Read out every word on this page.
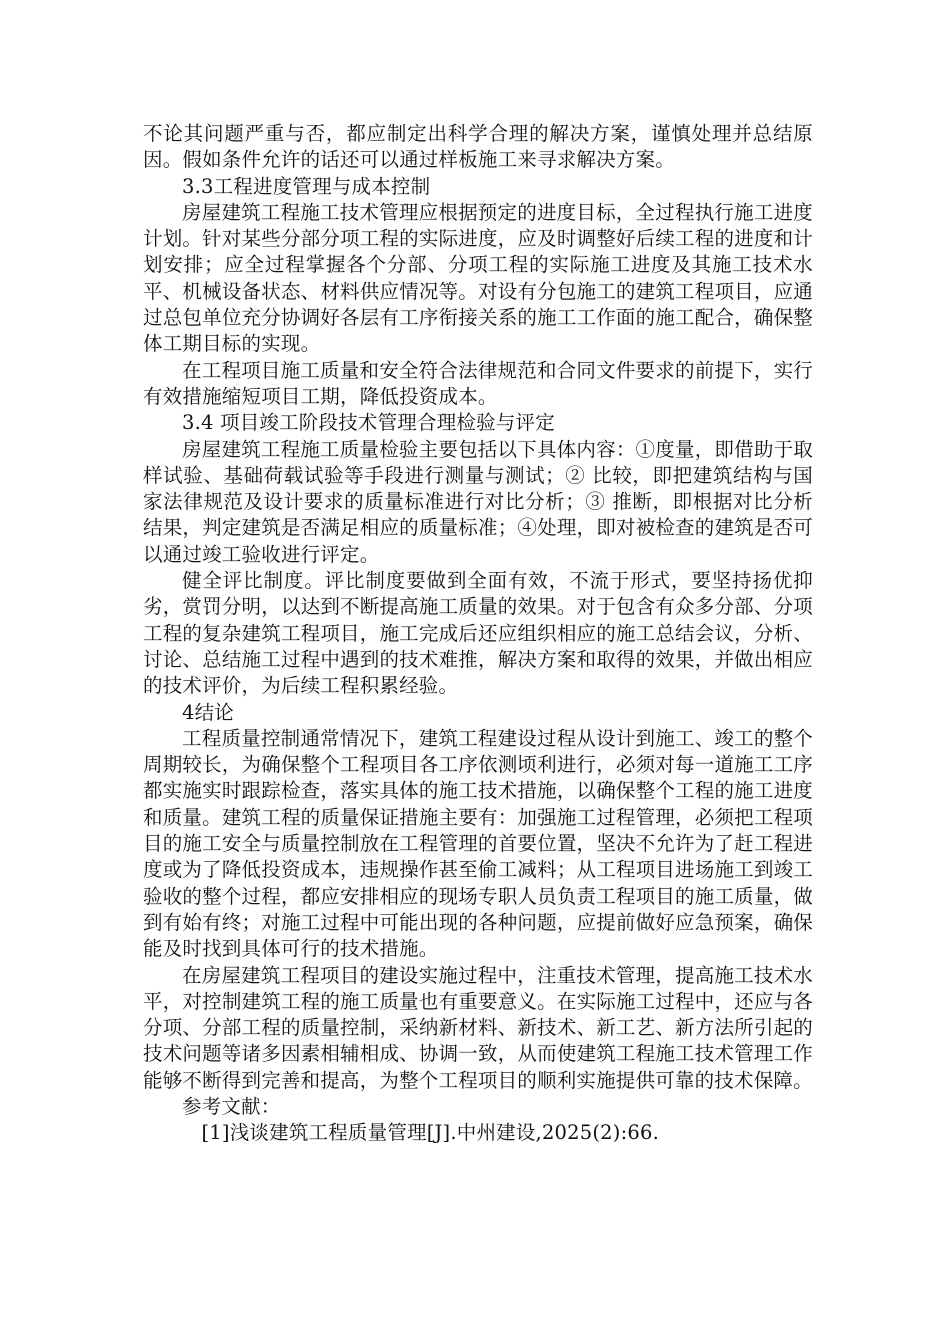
不论其问题严重与否，都应制定出科学合理的解决方案，谨慎处理并总结原因。假如条件允许的话还可以通过样板施工来寻求解决方案。

3.3工程进度管理与成本控制

房屋建筑工程施工技术管理应根据预定的进度目标，全过程执行施工进度计划。针对某些分部分项工程的实际进度，应及时调整好后续工程的进度和计划安排；应全过程掌握各个分部、分项工程的实际施工进度及其施工技术水平、机械设备状态、材料供应情况等。对设有分包施工的建筑工程项目，应通过总包单位充分协调好各层有工序衔接关系的施工工作面的施工配合，确保整体工期目标的实现。

在工程项目施工质量和安全符合法律规范和合同文件要求的前提下，实行有效措施缩短项目工期，降低投资成本。

3.4 项目竣工阶段技术管理合理检验与评定

房屋建筑工程施工质量检验主要包括以下具体内容：①度量，即借助于取样试验、基础荷载试验等手段进行测量与测试；② 比较，即把建筑结构与国家法律规范及设计要求的质量标准进行对比分析；③ 推断，即根据对比分析结果，判定建筑是否满足相应的质量标准；④处理，即对被检查的建筑是否可以通过竣工验收进行评定。

健全评比制度。评比制度要做到全面有效，不流于形式，要坚持扬优抑劣，赏罚分明，以达到不断提高施工质量的效果。对于包含有众多分部、分项工程的复杂建筑工程项目，施工完成后还应组织相应的施工总结会议，分析、讨论、总结施工过程中遇到的技术难推，解决方案和取得的效果，并做出相应的技术评价，为后续工程积累经验。

4结论

工程质量控制通常情况下，建筑工程建设过程从设计到施工、竣工的整个周期较长，为确保整个工程项目各工序依测顷利进行，必须对每一道施工工序都实施实时跟踪检查，落实具体的施工技术措施，以确保整个工程的施工进度和质量。建筑工程的质量保证措施主要有：加强施工过程管理，必须把工程项目的施工安全与质量控制放在工程管理的首要位置，坚决不允许为了赶工程进度或为了降低投资成本，违规操作甚至偷工减料；从工程项目进场施工到竣工验收的整个过程，都应安排相应的现场专职人员负责工程项目的施工质量，做到有始有终；对施工过程中可能出现的各种问题，应提前做好应急预案，确保能及时找到具体可行的技术措施。

在房屋建筑工程项目的建设实施过程中，注重技术管理，提高施工技术水平，对控制建筑工程的施工质量也有重要意义。在实际施工过程中，还应与各分项、分部工程的质量控制，采纳新材料、新技术、新工艺、新方法所引起的技术问题等诸多因素相辅相成、协调一致，从而使建筑工程施工技术管理工作能够不断得到完善和提高，为整个工程项目的顺利实施提供可靠的技术保障。

参考文献：

[1]浅谈建筑工程质量管理[J].中州建设,2025(2):66.
